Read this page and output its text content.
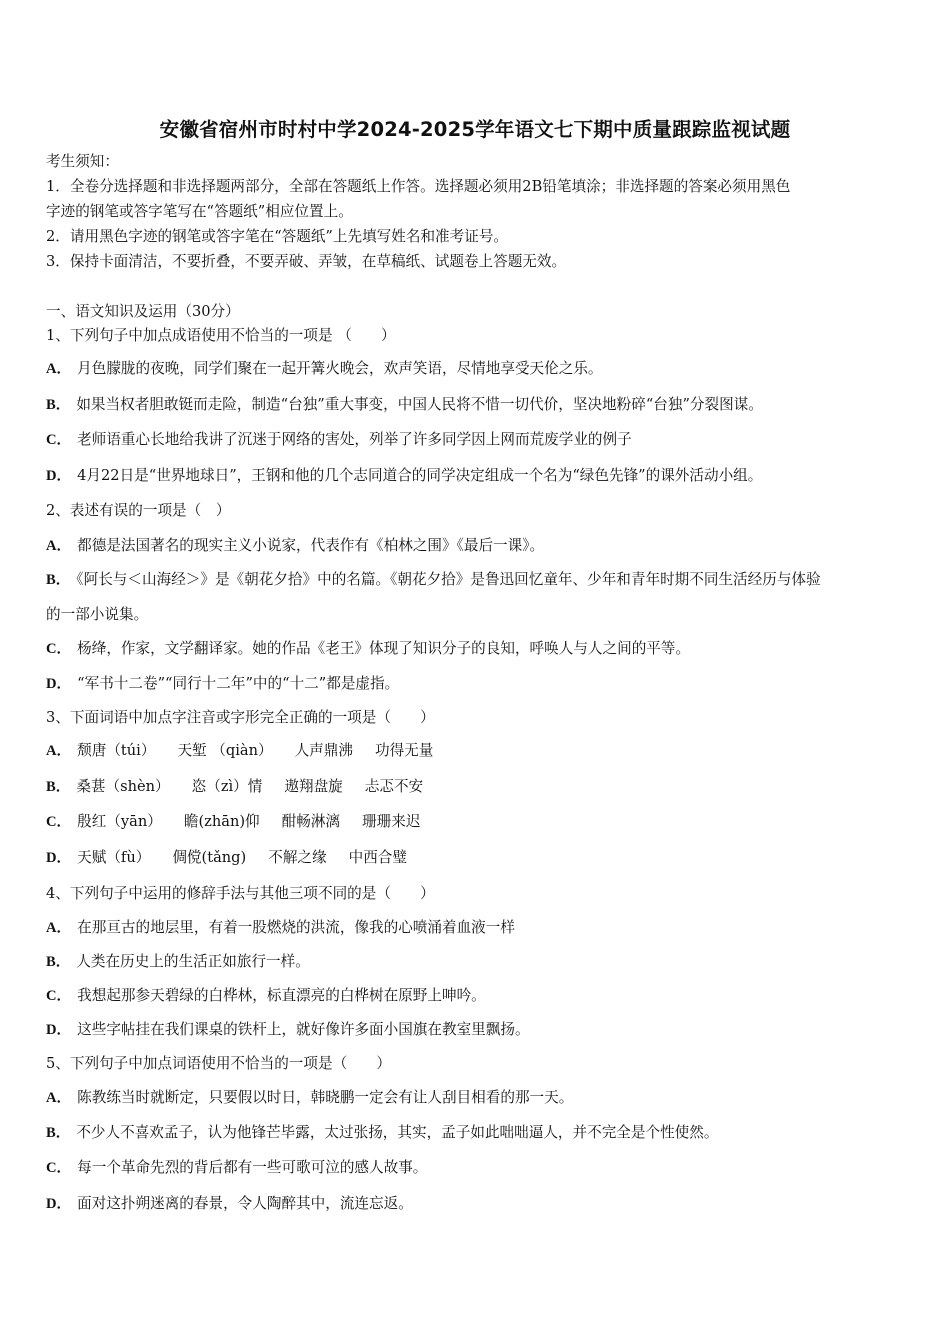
安徽省宿州市时村中学2024-2025学年语文七下期中质量跟踪监视试题
考生须知：
1．全卷分选择题和非选择题两部分，全部在答题纸上作答。选择题必须用2B铅笔填涂；非选择题的答案必须用黑色
字迹的钢笔或答字笔写在“答题纸”相应位置上。
2．请用黑色字迹的钢笔或答字笔在“答题纸”上先填写姓名和准考证号。
3．保持卡面清洁，不要折叠，不要弄破、弄皱，在草稿纸、试题卷上答题无效。
一、语文知识及运用（30分）
1、下列句子中加点成语使用不恰当的一项是 （　　）
A． 月色朦胧的夜晚，同学们聚在一起开篝火晚会，欢声笑语，尽情地享受天伦之乐。
B． 如果当权者胆敢铤而走险，制造“台独”重大事变，中国人民将不惜一切代价，坚决地粉碎“台独”分裂图谋。
C． 老师语重心长地给我讲了沉迷于网络的害处，列举了许多同学因上网而荒废学业的例子
D． 4月22日是“世界地球日”，王钢和他的几个志同道合的同学决定组成一个名为“绿色先锋”的课外活动小组。
2、表述有误的一项是（　）
A． 都德是法国著名的现实主义小说家，代表作有《柏林之围》《最后一课》。
B． 《阿长与＜山海经＞》是《朝花夕拾》中的名篇。《朝花夕拾》是鲁迅回忆童年、少年和青年时期不同生活经历与体验
的一部小说集。
C． 杨绛，作家，文学翻译家。她的作品《老王》体现了知识分子的良知，呼唤人与人之间的平等。
D． “军书十二卷”“同行十二年”中的“十二”都是虚指。
3、下面词语中加点字注音或字形完全正确的一项是（　　）
A． 颓唐（túi） 天堑 （qiàn） 人声鼎沸 功得无量
B． 桑葚（shèn） 恣（zì）情 遨翔盘旋 忐忑不安
C． 殷红（yān） 瞻(zhān)仰 酣畅淋漓 珊珊来迟
D． 天赋（fù） 倜傥(tǎng) 不解之缘 中西合璧
4、下列句子中运用的修辞手法与其他三项不同的是（　　）
A． 在那亘古的地层里，有着一股燃烧的洪流，像我的心喷涌着血液一样
B． 人类在历史上的生活正如旅行一样。
C． 我想起那参天碧绿的白桦林，标直漂亮的白桦树在原野上呻吟。
D． 这些字帖挂在我们课桌的铁杆上，就好像许多面小国旗在教室里飘扬。
5、下列句子中加点词语使用不恰当的一项是（　　）
A． 陈教练当时就断定，只要假以时日，韩晓鹏一定会有让人刮目相看的那一天。
B． 不少人不喜欢孟子，认为他锋芒毕露，太过张扬，其实，孟子如此咄咄逼人，并不完全是个性使然。
C． 每一个革命先烈的背后都有一些可歌可泣的感人故事。
D． 面对这扑朔迷离的春景，令人陶醉其中，流连忘返。
